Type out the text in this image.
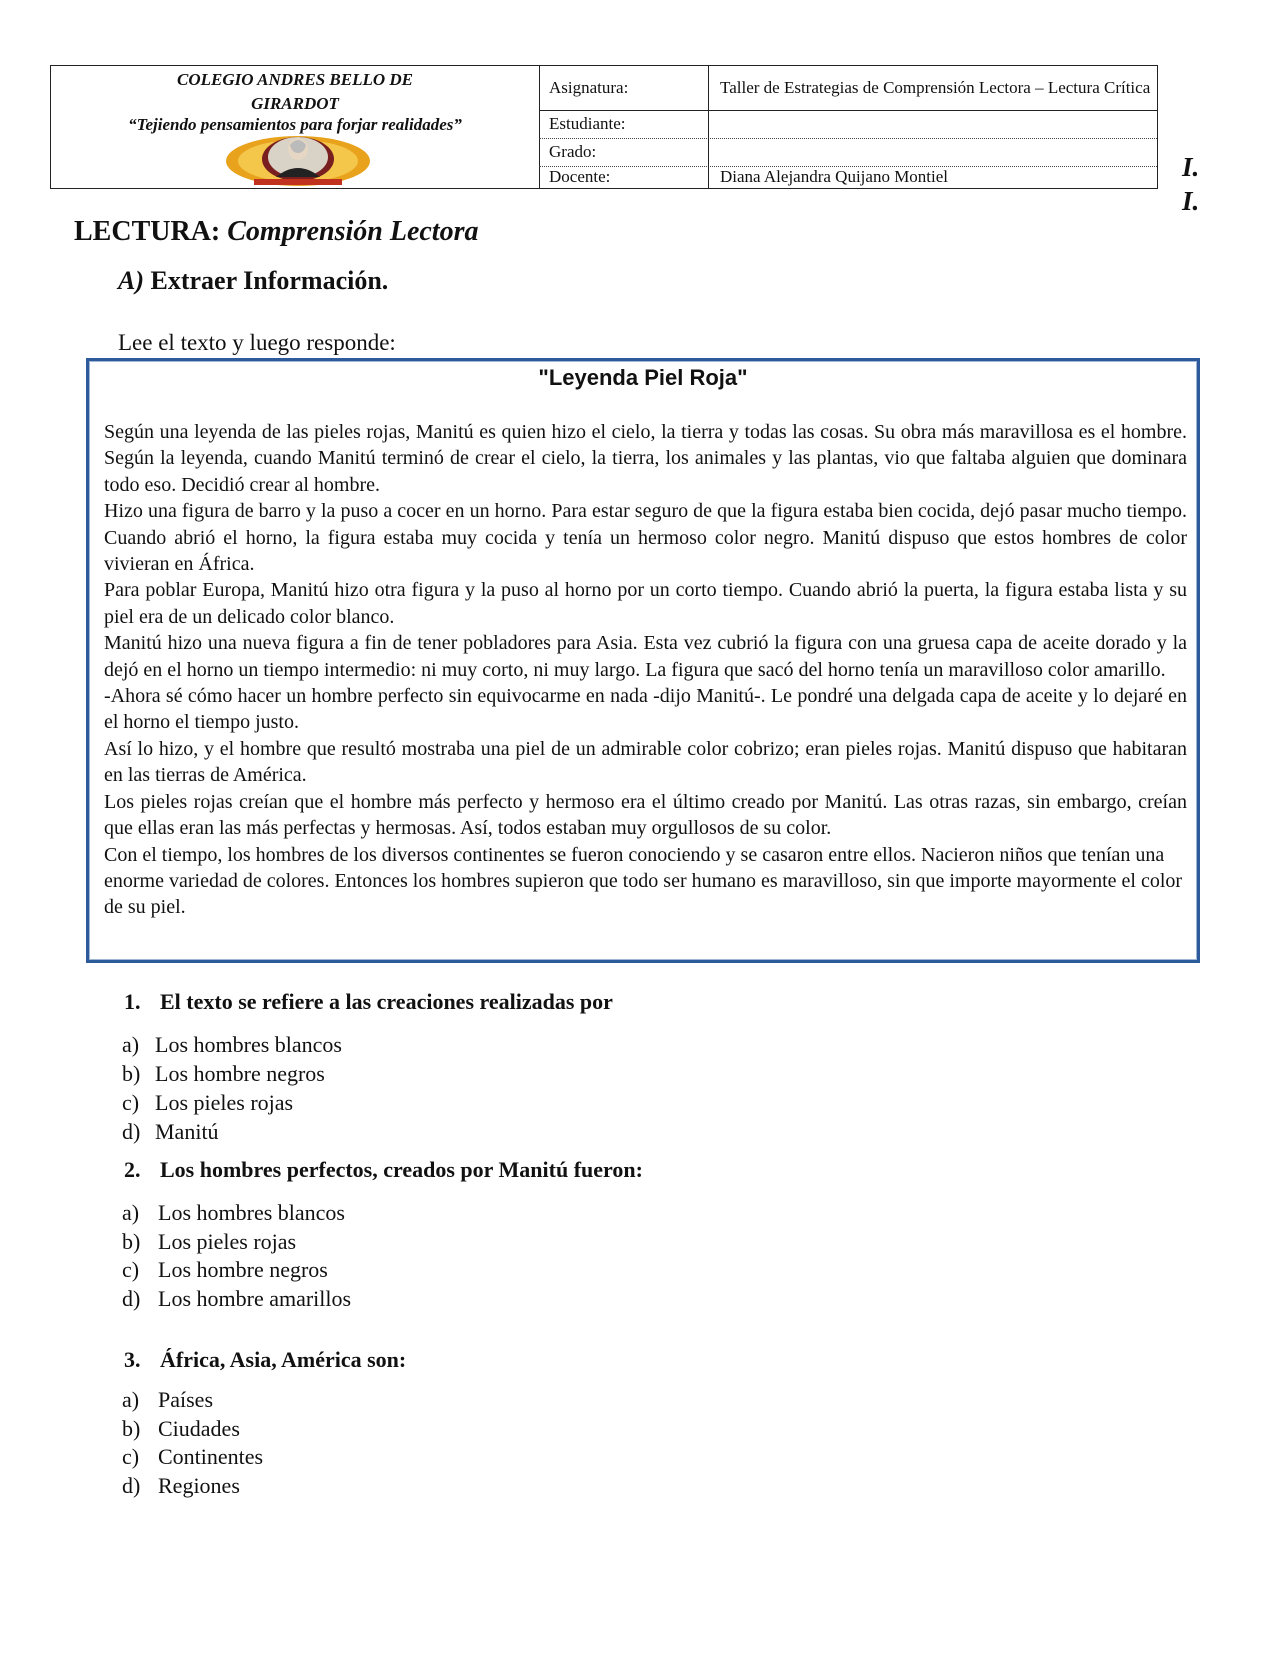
COLEGIO ANDRES BELLO DE
GIRARDOT
“Tejiendo pensamientos para forjar realidades”
Asignatura:	Taller de Estrategias de Comprensión Lectora – Lectura Crítica
Estudiante:
Grado:
Docente:	Diana Alejandra Quijano Montiel	I.
I.
LECTURA: Comprensión Lectora
A) Extraer Información.
Lee el texto y luego responde:
"Leyenda Piel Roja"

Según una leyenda de las pieles rojas, Manitú es quien hizo el cielo, la tierra y todas las cosas. Su obra más maravillosa es el hombre. Según la leyenda, cuando Manitú terminó de crear el cielo, la tierra, los animales y las plantas, vio que faltaba alguien que dominara todo eso. Decidió crear al hombre.

Hizo una figura de barro y la puso a cocer en un horno. Para estar seguro de que la figura estaba bien cocida, dejó pasar mucho tiempo. Cuando abrió el horno, la figura estaba muy cocida y tenía un hermoso color negro. Manitú dispuso que estos hombres de color vivieran en África.

Para poblar Europa, Manitú hizo otra figura y la puso al horno por un corto tiempo. Cuando abrió la puerta, la figura estaba lista y su piel era de un delicado color blanco.

Manitú hizo una nueva figura a fin de tener pobladores para Asia. Esta vez cubrió la figura con una gruesa capa de aceite dorado y la dejó en el horno un tiempo intermedio: ni muy corto, ni muy largo. La figura que sacó del horno tenía un maravilloso color amarillo.

-Ahora sé cómo hacer un hombre perfecto sin equivocarme en nada -dijo Manitú-. Le pondré una delgada capa de aceite y lo dejaré en el horno el tiempo justo.

Así lo hizo, y el hombre que resultó mostraba una piel de un admirable color cobrizo; eran pieles rojas. Manitú dispuso que habitaran en las tierras de América.

Los pieles rojas creían que el hombre más perfecto y hermoso era el último creado por Manitú. Las otras razas, sin embargo, creían que ellas eran las más perfectas y hermosas. Así, todos estaban muy orgullosos de su color.

Con el tiempo, los hombres de los diversos continentes se fueron conociendo y se casaron entre ellos. Nacieron niños que tenían una enorme variedad de colores. Entonces los hombres supieron que todo ser humano es maravilloso, sin que importe mayormente el color de su piel.

1. El texto se refiere a las creaciones realizadas por
a) Los hombres blancos
b) Los hombre negros
c) Los pieles rojas
d) Manitú
2. Los hombres perfectos, creados por Manitú fueron:
a) Los hombres blancos
b) Los pieles rojas
c) Los hombre negros
d) Los hombre amarillos
3. África, Asia, América son:
a) Países
b) Ciudades
c) Continentes
d) Regiones
